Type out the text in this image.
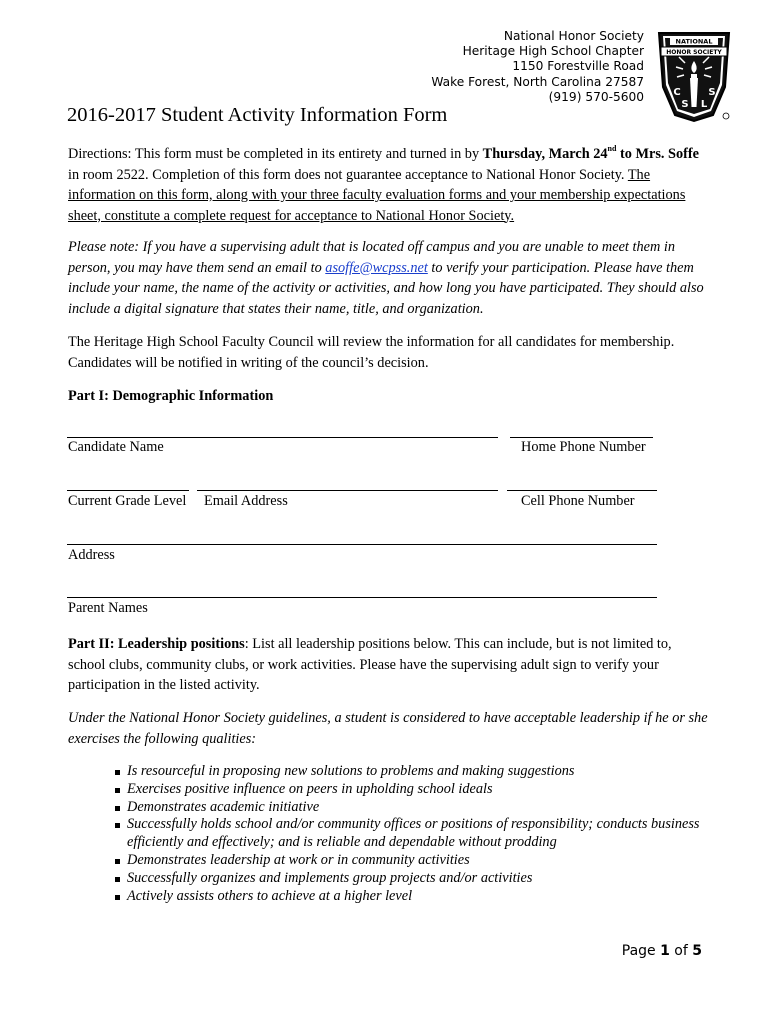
National Honor Society
Heritage High School Chapter
1150 Forestville Road
Wake Forest, North Carolina 27587
(919) 570-5600
NATIONAL
HONOR SOCIETY
C
S L
S
2016-2017 Student Activity Information Form

Directions: This form must be completed in its entirety and turned in by Thursday, March 24nd to Mrs. Soffe in room 2522. Completion of this form does not guarantee acceptance to National Honor Society. The information on this form, along with your three faculty evaluation forms and your membership expectations sheet, constitute a complete request for acceptance to National Honor Society.

Please note: If you have a supervising adult that is located off campus and you are unable to meet them in person, you may have them send an email to asoffe@wcpss.net to verify your participation. Please have them include your name, the name of the activity or activities, and how long you have participated. They should also include a digital signature that states their name, title, and organization.

The Heritage High School Faculty Council will review the information for all candidates for membership. Candidates will be notified in writing of the council’s decision.

Part I: Demographic Information

Candidate Name	Home Phone Number
Current Grade Level Email Address	Cell Phone Number
Address
Parent Names

Part II: Leadership positions: List all leadership positions below. This can include, but is not limited to, school clubs, community clubs, or work activities. Please have the supervising adult sign to verify your participation in the listed activity.

Under the National Honor Society guidelines, a student is considered to have acceptable leadership if he or she exercises the following qualities:

Is resourceful in proposing new solutions to problems and making suggestions
Exercises positive influence on peers in upholding school ideals
Demonstrates academic initiative
Successfully holds school and/or community offices or positions of responsibility; conducts business efficiently and effectively; and is reliable and dependable without prodding
Demonstrates leadership at work or in community activities
Successfully organizes and implements group projects and/or activities
Actively assists others to achieve at a higher level
Page 1 of 5
